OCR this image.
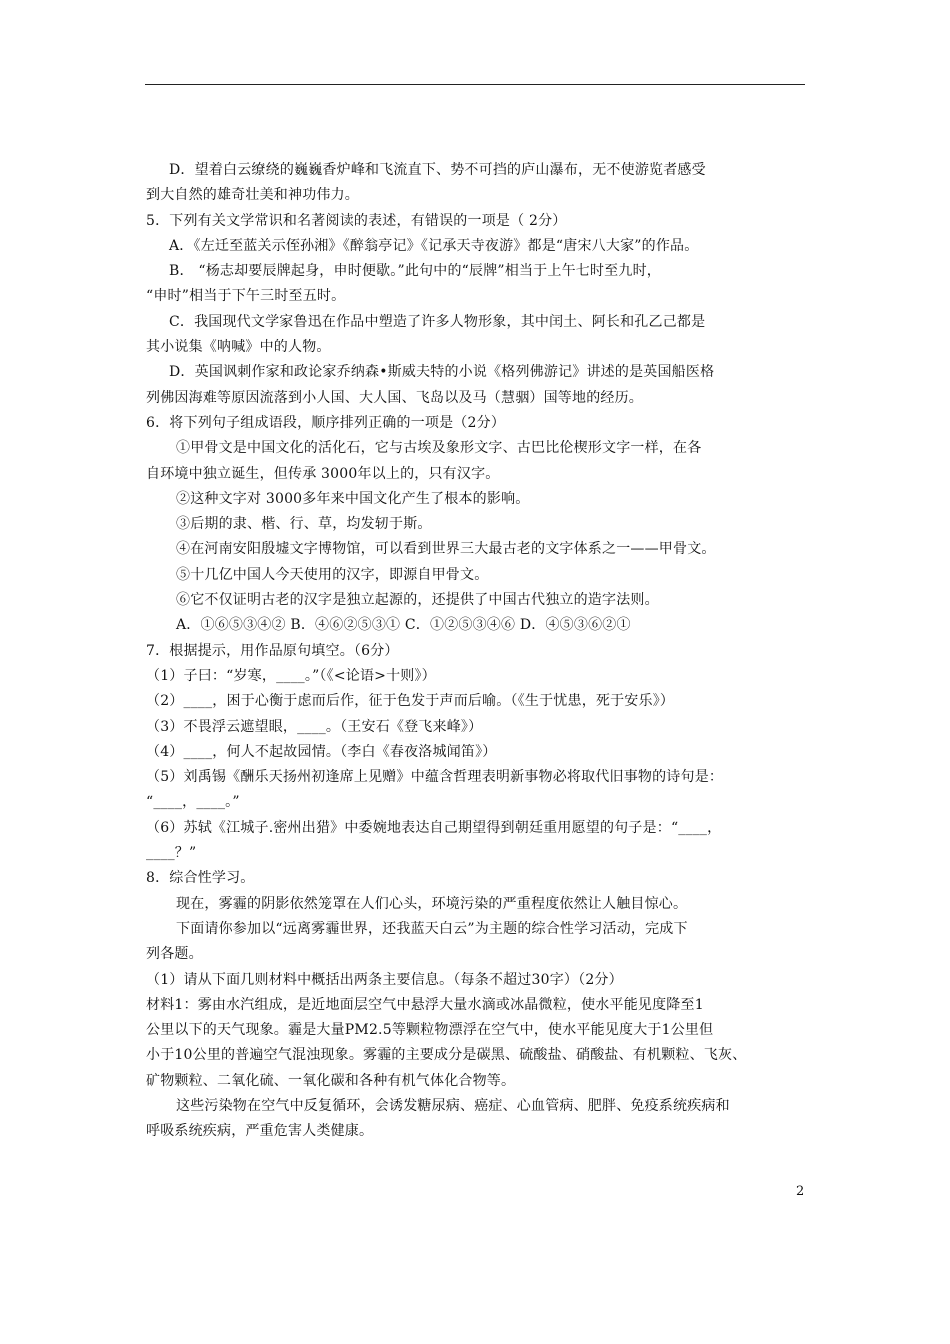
D．望着白云缭绕的巍巍香炉峰和飞流直下、势不可挡的庐山瀑布，无不使游览者感受
到大自然的雄奇壮美和神功伟力。
5．下列有关文学常识和名著阅读的表述，有错误的一项是（ 2分）
A．《左迁至蓝关示侄孙湘》《醉翁亭记》《记承天寺夜游》都是“唐宋八大家”的作品。
B． “杨志却要辰牌起身，申时便歇。”此句中的“辰牌”相当于上午七时至九时，
“申时”相当于下午三时至五时。
C．我国现代文学家鲁迅在作品中塑造了许多人物形象，其中闰土、阿长和孔乙己都是
其小说集《呐喊》中的人物。
D．英国讽刺作家和政论家乔纳森•斯威夫特的小说《格列佛游记》讲述的是英国船医格
列佛因海难等原因流落到小人国、大人国、飞岛以及马（慧骃）国等地的经历。
6．将下列句子组成语段，顺序排列正确的一项是（2分）
①甲骨文是中国文化的活化石，它与古埃及象形文字、古巴比伦楔形文字一样，在各
自环境中独立诞生，但传承 3000年以上的，只有汉字。
②这种文字对 3000多年来中国文化产生了根本的影响。
③后期的隶、楷、行、草，均发轫于斯。
④在河南安阳殷墟文字博物馆，可以看到世界三大最古老的文字体系之一——甲骨文。
⑤十几亿中国人今天使用的汉字，即源自甲骨文。
⑥它不仅证明古老的汉字是独立起源的，还提供了中国古代独立的造字法则。
A．①⑥⑤③④② B．④⑥②⑤③① C．①②⑤③④⑥ D．④⑤③⑥②①
7．根据提示，用作品原句填空。（6分）
（1）子曰：“岁寒，____。”（《<论语>十则》）
（2）____，困于心衡于虑而后作，征于色发于声而后喻。（《生于忧患，死于安乐》）
（3）不畏浮云遮望眼，____。（王安石《登飞来峰》）
（4）____，何人不起故园情。（李白《春夜洛城闻笛》）
（5）刘禹锡《酬乐天扬州初逢席上见赠》中蕴含哲理表明新事物必将取代旧事物的诗句是：
“____，____。”
（6）苏轼《江城子.密州出猎》中委婉地表达自己期望得到朝廷重用愿望的句子是：“____，
____？”
8．综合性学习。
现在，雾霾的阴影依然笼罩在人们心头，环境污染的严重程度依然让人触目惊心。
下面请你参加以“远离雾霾世界，还我蓝天白云”为主题的综合性学习活动，完成下
列各题。
（1）请从下面几则材料中概括出两条主要信息。（每条不超过30字）（2分）
材料1：雾由水汽组成，是近地面层空气中悬浮大量水滴或冰晶微粒，使水平能见度降至1
公里以下的天气现象。霾是大量PM2.5等颗粒物漂浮在空气中，使水平能见度大于1公里但
小于10公里的普遍空气混浊现象。雾霾的主要成分是碳黑、硫酸盐、硝酸盐、有机颗粒、飞灰、
矿物颗粒、二氧化硫、一氧化碳和各种有机气体化合物等。
这些污染物在空气中反复循环，会诱发糖尿病、癌症、心血管病、肥胖、免疫系统疾病和
呼吸系统疾病，严重危害人类健康。
2
